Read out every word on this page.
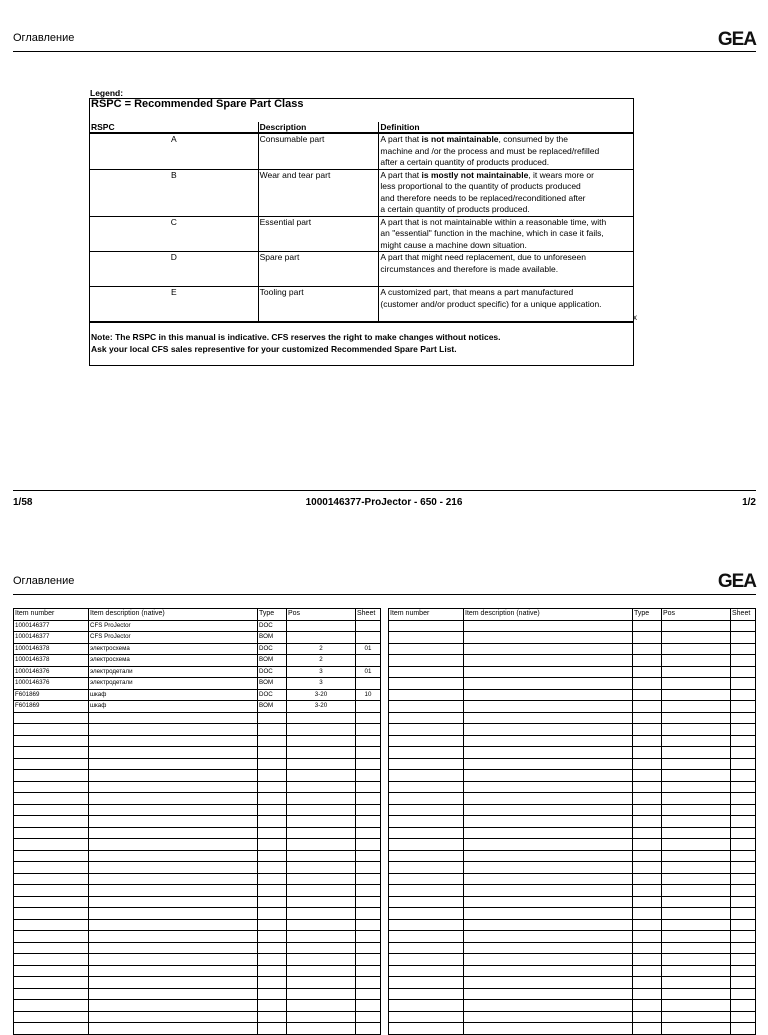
Оглавление	GEA
Legend:
RSPC = Recommended Spare Part Class		
RSPC	Description	Definition
A	Consumable part	A part that is not maintainable, consumed by the
machine and /or the process and must be replaced/refilled
after a certain quantity of products produced.
B	Wear and tear part	A part that is mostly not maintainable, it wears more or
less proportional to the quantity of products produced
and therefore needs to be replaced/reconditioned after
a certain quantity of products produced.
C	Essential part	A part that is not maintainable within a reasonable time, with
an "essential" function in the machine, which in case it fails,
might cause a machine down situation.
D	Spare part	A part that might need replacement, due to unforeseen
circumstances and therefore is made available.
E	Tooling part	A customized part, that means a part manufactured
(customer and/or product specific) for a unique application.

Note: The RSPC in this manual is indicative. CFS reserves the right to make changes without notices.
Ask your local CFS sales representive for your customized Recommended Spare Part List.		
x
1/58	1000146377-ProJector - 650 - 216	1/2
Оглавление	GEA
Item number	Item description (native)	Type	Pos	Sheet
1000146377	CFS ProJector	DOC		
1000146377	CFS ProJector	BOM		
1000146378	электросхема	DOC	2	01
1000146378	электросхема	BOM	2	
1000146376	электродетали	DOC	3	01
1000146376	электродетали	BOM	3	
F601869	шкаф	DOC	3-20	10
F601869	шкаф	BOM	3-20	

Item number	Item description (native)	Type	Pos	Sheet
